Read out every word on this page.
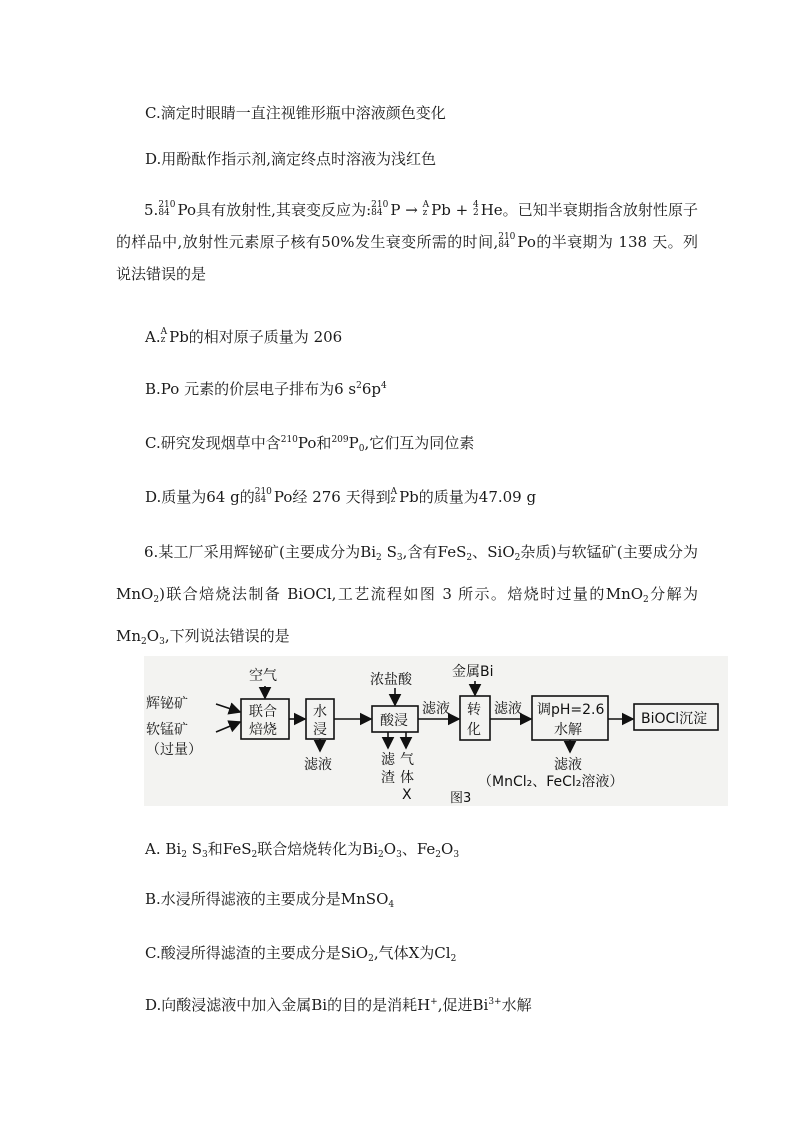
C.滴定时眼睛一直注视锥形瓶中溶液颜色变化
D.用酚酞作指示剂,滴定终点时溶液为浅红色
5. 210
84 Po具有放射性,其衰变反应为: 210
84 P → A
z Pb + 4
2 He。已知半衰期指含放射性原子的样品中,放射性元素原子核有50%发生衰变所需的时间, 210
84 Po的半衰期为 138 天。列说法错误的是
A. A
z Pb的相对原子质量为 206
B.Po 元素的价层电子排布为6 $s^26p^4$
C.研究发现烟草中含$^{210}$Po和$^{209}P_0$,它们互为同位素
D.质量为64 g的 210
84 Po经 276 天得到 A
z Pb的质量为47.09 g
6.某工厂采用辉铋矿(主要成分为$Bi_2$ $S_3$,含有FeS$_2$、SiO$_2$杂质)与软锰矿(主要成分为MnO$_2$)联合焙烧法制备 BiOCl,工艺流程如图 3 所示。焙烧时过量的MnO$_2$分解为$Mn_2O_3$,下列说法错误的是
辉铋矿
软锰矿
（过量）
空气
联合
焙烧
水
浸
滤液
浓盐酸
酸浸
滤
渣
气
体
X
滤液
金属Bi
转
化
滤液 调pH=2.6
水解
BiOCl沉淀
滤液
（MnCl₂、FeCl₂溶液）
图3
A. $Bi_2$ $S_3$和FeS$_2$联合焙烧转化为$Bi_2O_3$、$Fe_2O_3$
B.水浸所得滤液的主要成分是MnSO$_4$
C.酸浸所得滤渣的主要成分是SiO$_2$,气体X为$Cl_2$
D.向酸浸滤液中加入金属Bi的目的是消耗H+,促进$Bi^{3+}$水解
